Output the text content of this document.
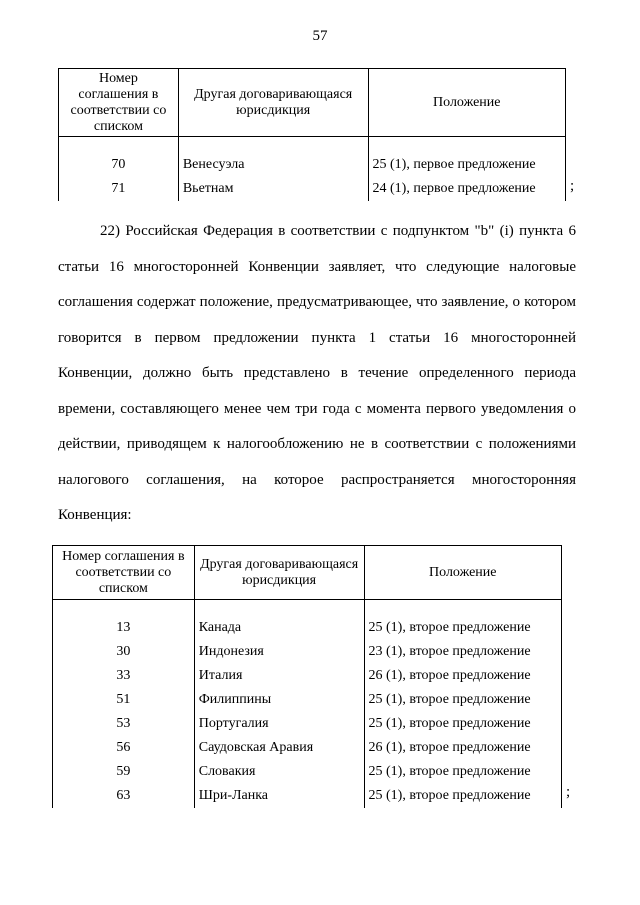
57
Номер соглашения в соответствии со списком	Другая договаривающаяся юрисдикция	Положение

70	Венесуэла	25 (1), первое предложение
71	Вьетнам	24 (1), первое предложение ;
22) Российская Федерация в соответствии с подпунктом "b" (i) пункта 6 статьи 16 многосторонней Конвенции заявляет, что следующие налоговые соглашения содержат положение, предусматривающее, что заявление, о котором говорится в первом предложении пункта 1 статьи 16 многосторонней Конвенции, должно быть представлено в течение определенного периода времени, составляющего менее чем три года с момента первого уведомления о действии, приводящем к налогообложению не в соответствии с положениями налогового соглашения, на которое распространяется многосторонняя Конвенция:
Номер соглашения в соответствии со списком	Другая договаривающаяся юрисдикция	Положение

13	Канада	25 (1), второе предложение
30	Индонезия	23 (1), второе предложение
33	Италия	26 (1), второе предложение
51	Филиппины	25 (1), второе предложение
53	Португалия	25 (1), второе предложение
56	Саудовская Аравия	26 (1), второе предложение
59	Словакия	25 (1), второе предложение
63	Шри-Ланка	25 (1), второе предложение ;
